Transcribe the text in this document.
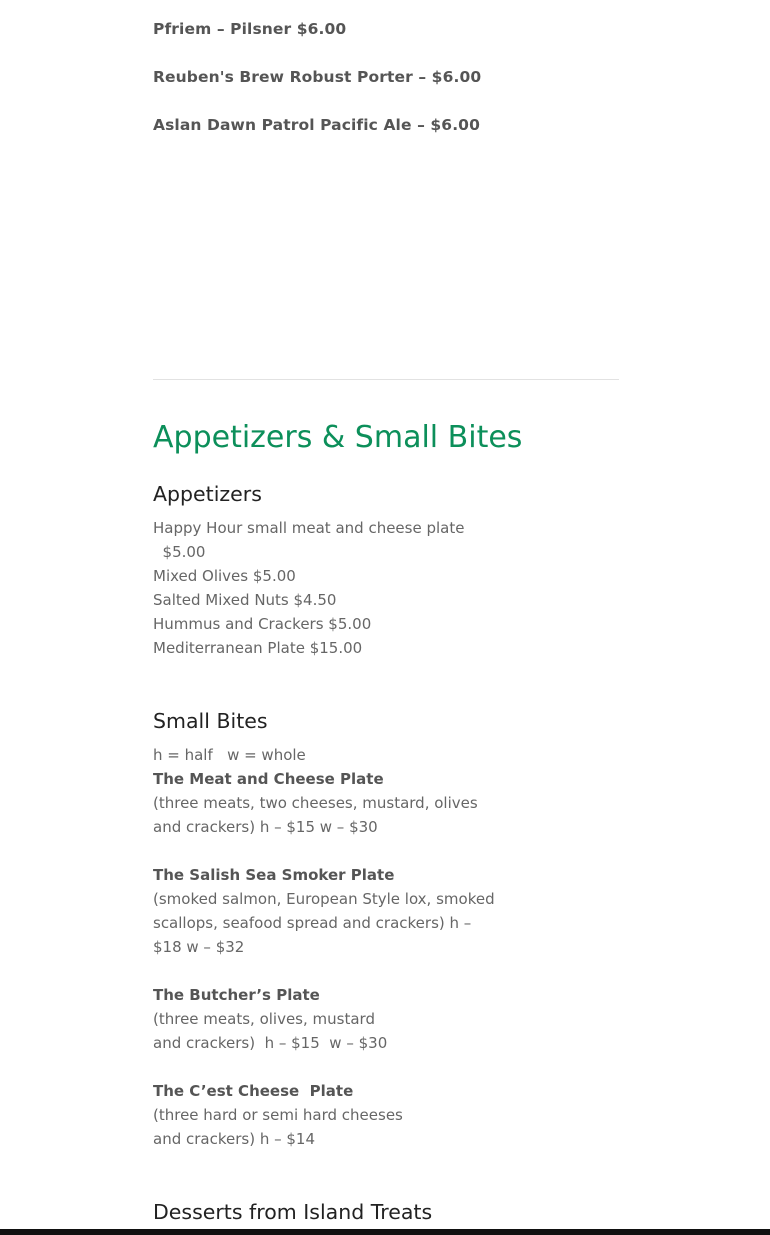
Pfriem – Pilsner $6.00
Reuben's Brew Robust Porter – $6.00
Aslan Dawn Patrol Pacific Ale – $6.00
Appetizers & Small Bites
Appetizers
Happy Hour small meat and cheese plate
$5.00
Mixed Olives $5.00
Salted Mixed Nuts $4.50
Hummus and Crackers $5.00
Mediterranean Plate $15.00
Small Bites
h = half   w = whole
The Meat and Cheese Plate
(three meats, two cheeses, mustard, olives
and crackers) h – $15 w – $30
The Salish Sea Smoker Plate
(smoked salmon, European Style lox, smoked
scallops, seafood spread and crackers) h –
$18 w – $32
The Butcher’s Plate
(three meats, olives, mustard
and crackers)  h – $15  w – $30
The C’est Cheese  Plate
(three hard or semi hard cheeses
and crackers) h – $14
Desserts from Island Treats
